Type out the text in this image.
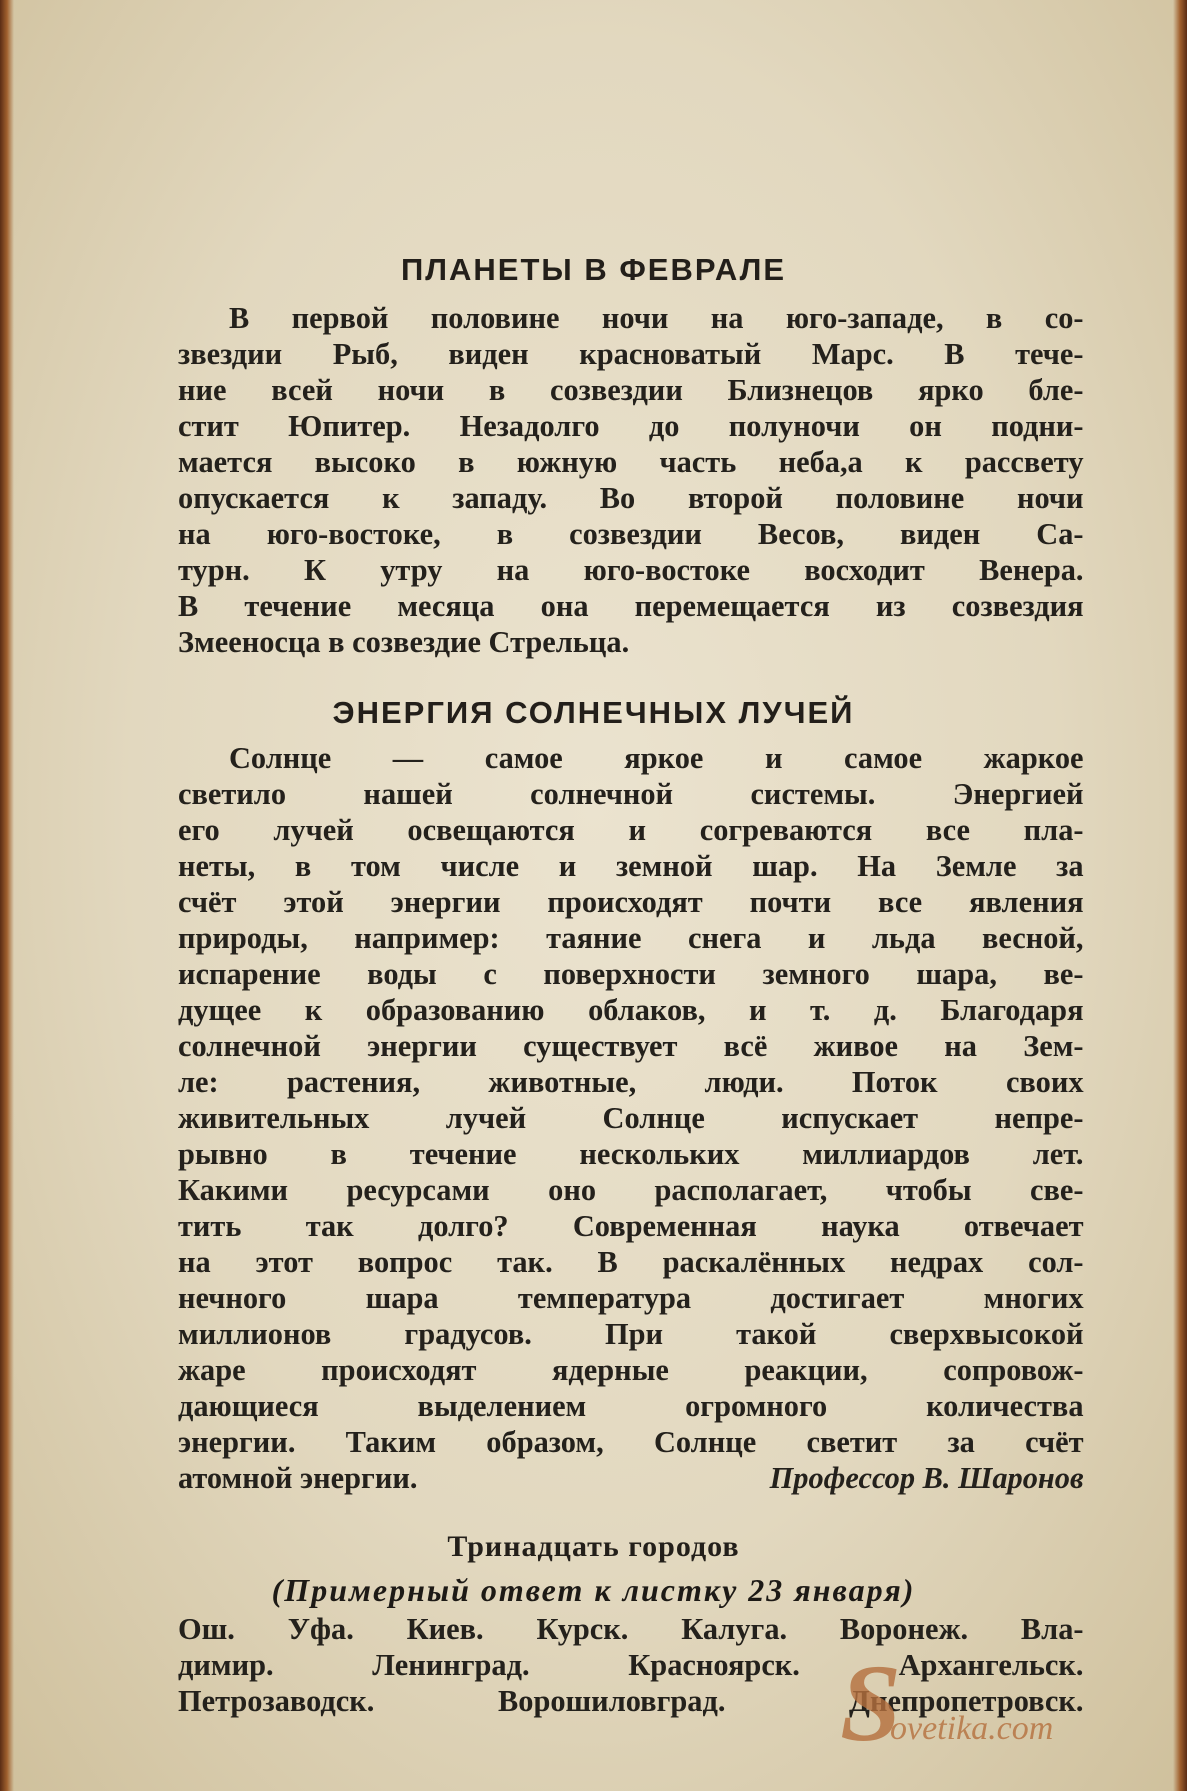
ПЛАНЕТЫ В ФЕВРАЛЕ
В первой половине ночи на юго-западе, в со-
звездии Рыб, виден красноватый Марс. В тече-
ние всей ночи в созвездии Близнецов ярко бле-
стит Юпитер. Незадолго до полуночи он подни-
мается высоко в южную часть неба,а к рассвету
опускается к западу. Во второй половине ночи
на юго-востоке, в созвездии Весов, виден Са-
турн. К утру на юго-востоке восходит Венера.
В течение месяца она перемещается из созвездия
Змееносца в созвездие Стрельца.
ЭНЕРГИЯ СОЛНЕЧНЫХ ЛУЧЕЙ
Солнце — самое яркое и самое жаркое
светило нашей солнечной системы. Энергией
его лучей освещаются и согреваются все пла-
неты, в том числе и земной шар. На Земле за
счёт этой энергии происходят почти все явления
природы, например: таяние снега и льда весной,
испарение воды с поверхности земного шара, ве-
дущее к образованию облаков, и т. д. Благодаря
солнечной энергии существует всё живое на Зем-
ле: растения, животные, люди. Поток своих
живительных лучей Солнце испускает непре-
рывно в течение нескольких миллиардов лет.
Какими ресурсами оно располагает, чтобы све-
тить так долго? Современная наука отвечает
на этот вопрос так. В раскалённых недрах сол-
нечного шара температура достигает многих
миллионов градусов. При такой сверхвысокой
жаре происходят ядерные реакции, сопровож-
дающиеся выделением огромного количества
энергии. Таким образом, Солнце светит за счёт
атомной энергии.	Профессор В. Шаронов
Тринадцать городов
(Примерный ответ к листку 23 января)
Ош. Уфа. Киев. Курск. Калуга. Воронеж. Вла-
димир. Ленинград. Красноярск. Архангельск.
Петрозаводск. Ворошиловград. Днепропетровск.
S
ovetika.com
